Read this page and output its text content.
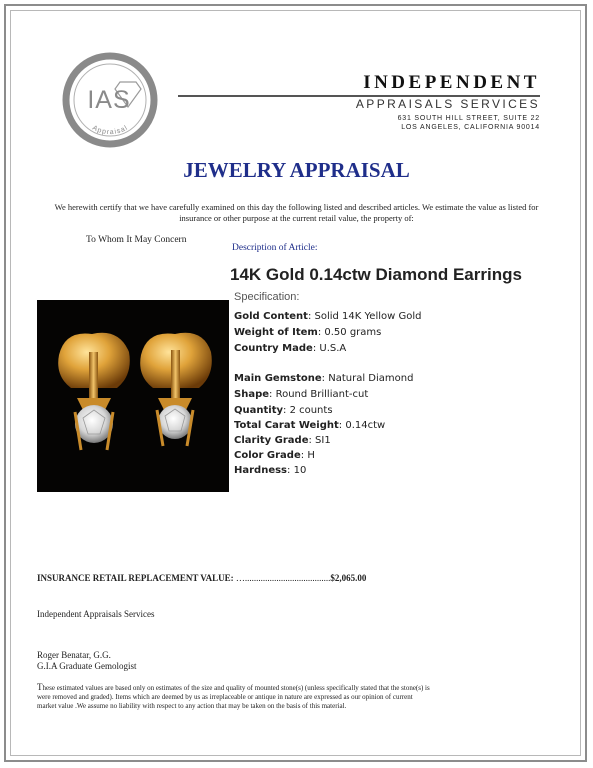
IAS
Appraisal
INDEPENDENT
APPRAISALS SERVICES
631 SOUTH HILL STREET, SUITE 22
LOS ANGELES, CALIFORNIA 90014
JEWELRY APPRAISAL
We herewith certify that we have carefully examined on this day the following listed and described articles. We estimate the value as listed for
insurance or other purpose at the current retail value, the property of:
To Whom It May Concern
Description of Article:
14K Gold 0.14ctw Diamond Earrings
Specification:
Gold Content: Solid 14K Yellow Gold
Weight of Item: 0.50 grams
Country Made: U.S.A
Main Gemstone: Natural Diamond
Shape: Round Brilliant-cut
Quantity: 2 counts
Total Carat Weight: 0.14ctw
Clarity Grade: SI1
Color Grade: H
Hardness: 10
INSURANCE RETAIL REPLACEMENT VALUE: …......................................$2,065.00
Independent Appraisals Services
Roger Benatar, G.G.
G.I.A Graduate Gemologist
These estimated values are based only on estimates of the size and quality of mounted stone(s) (unless specifically stated that the stone(s) is
were removed and graded). Items which are deemed by us as irreplaceable or antique in nature are expressed as our opinion of current
market value .We assume no liability with respect to any action that may be taken on the basis of this material.
